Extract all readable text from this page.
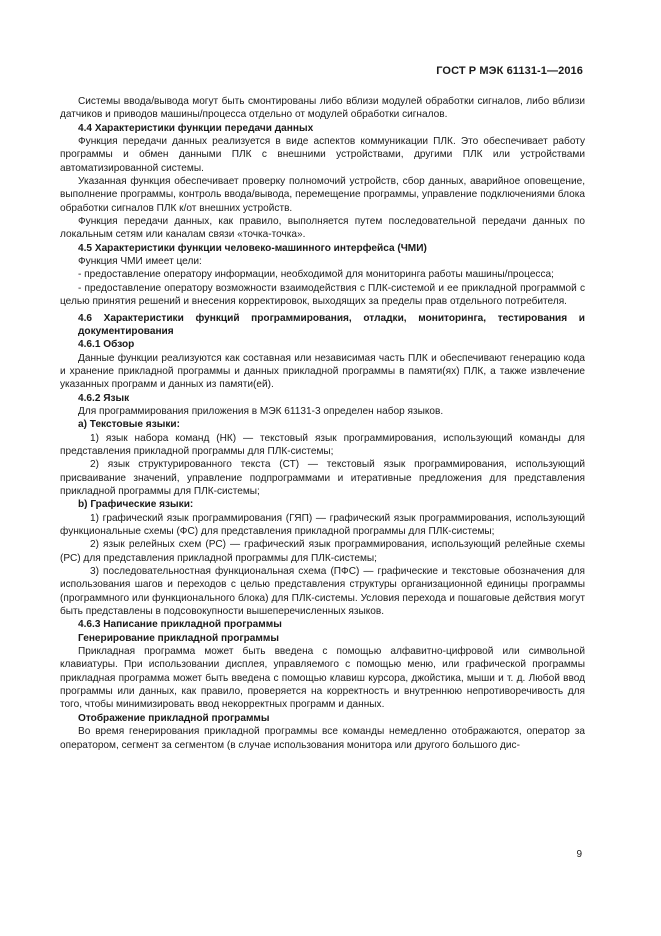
ГОСТ Р МЭК 61131-1—2016

Системы ввода/вывода могут быть смонтированы либо вблизи модулей обработки сигналов, либо вблизи датчиков и приводов машины/процесса отдельно от модулей обработки сигналов.

4.4 Характеристики функции передачи данных

Функция передачи данных реализуется в виде аспектов коммуникации ПЛК. Это обеспечивает работу программы и обмен данными ПЛК с внешними устройствами, другими ПЛК или устройствами автоматизированной системы.

Указанная функция обеспечивает проверку полномочий устройств, сбор данных, аварийное оповещение, выполнение программы, контроль ввода/вывода, перемещение программы, управление подключениями блока обработки сигналов ПЛК к/от внешних устройств.

Функция передачи данных, как правило, выполняется путем последовательной передачи данных по локальным сетям или каналам связи «точка-точка».

4.5 Характеристики функции человеко-машинного интерфейса (ЧМИ)

Функция ЧМИ имеет цели:

- предоставление оператору информации, необходимой для мониторинга работы машины/процесса;

- предоставление оператору возможности взаимодействия с ПЛК-системой и ее прикладной программой с целью принятия решений и внесения корректировок, выходящих за пределы прав отдельного потребителя.

4.6 Характеристики функций программирования, отладки, мониторинга, тестирования и документирования

4.6.1 Обзор

Данные функции реализуются как составная или независимая часть ПЛК и обеспечивают генерацию кода и хранение прикладной программы и данных прикладной программы в памяти(ях) ПЛК, а также извлечение указанных программ и данных из памяти(ей).

4.6.2 Язык

Для программирования приложения в МЭК 61131-3 определен набор языков.

а) Текстовые языки:

1) язык набора команд (НК) — текстовый язык программирования, использующий команды для представления прикладной программы для ПЛК-системы;

2) язык структурированного текста (СТ) — текстовый язык программирования, использующий присваивание значений, управление подпрограммами и итеративные предложения для представления прикладной программы для ПЛК-системы;

b) Графические языки:

1) графический язык программирования (ГЯП) — графический язык программирования, использующий функциональные схемы (ФС) для представления прикладной программы для ПЛК-системы;

2) язык релейных схем (РС) — графический язык программирования, использующий релейные схемы (РС) для представления прикладной программы для ПЛК-системы;

3) последовательностная функциональная схема (ПФС) — графические и текстовые обозначения для использования шагов и переходов с целью представления структуры организационной единицы программы (программного или функционального блока) для ПЛК-системы. Условия перехода и пошаговые действия могут быть представлены в подсовокупности вышеперечисленных языков.

4.6.3 Написание прикладной программы

Генерирование прикладной программы

Прикладная программа может быть введена с помощью алфавитно-цифровой или символьной клавиатуры. При использовании дисплея, управляемого с помощью меню, или графической программы прикладная программа может быть введена с помощью клавиш курсора, джойстика, мыши и т. д. Любой ввод программы или данных, как правило, проверяется на корректность и внутреннюю непротиворечивость для того, чтобы минимизировать ввод некорректных программ и данных.

Отображение прикладной программы

Во время генерирования прикладной программы все команды немедленно отображаются, оператор за оператором, сегмент за сегментом (в случае использования монитора или другого большого дис-

9
